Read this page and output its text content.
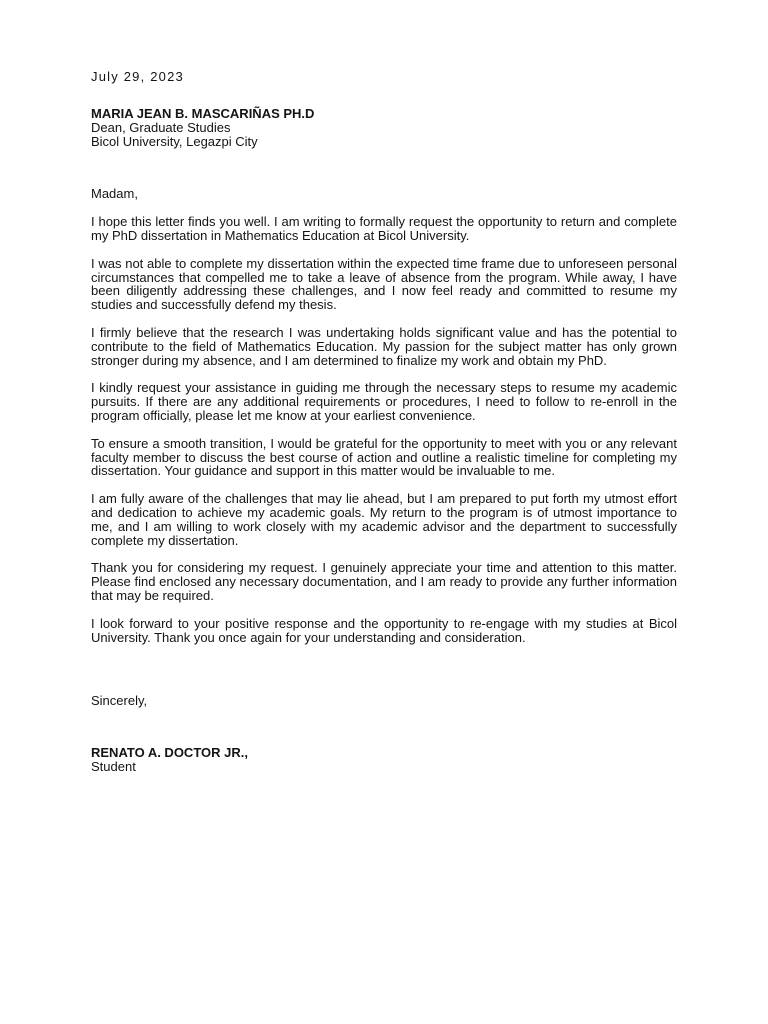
July 29, 2023

MARIA JEAN B. MASCARIÑAS PH.D
Dean, Graduate Studies
Bicol University, Legazpi City
Madam,

I hope this letter finds you well. I am writing to formally request the opportunity to return and complete my PhD dissertation in Mathematics Education at Bicol University.

I was not able to complete my dissertation within the expected time frame due to unforeseen personal circumstances that compelled me to take a leave of absence from the program. While away, I have been diligently addressing these challenges, and I now feel ready and committed to resume my studies and successfully defend my thesis.

I firmly believe that the research I was undertaking holds significant value and has the potential to contribute to the field of Mathematics Education. My passion for the subject matter has only grown stronger during my absence, and I am determined to finalize my work and obtain my PhD.

I kindly request your assistance in guiding me through the necessary steps to resume my academic pursuits. If there are any additional requirements or procedures, I need to follow to re-enroll in the program officially, please let me know at your earliest convenience.

To ensure a smooth transition, I would be grateful for the opportunity to meet with you or any relevant faculty member to discuss the best course of action and outline a realistic timeline for completing my dissertation. Your guidance and support in this matter would be invaluable to me.

I am fully aware of the challenges that may lie ahead, but I am prepared to put forth my utmost effort and dedication to achieve my academic goals. My return to the program is of utmost importance to me, and I am willing to work closely with my academic advisor and the department to successfully complete my dissertation.

Thank you for considering my request. I genuinely appreciate your time and attention to this matter. Please find enclosed any necessary documentation, and I am ready to provide any further information that may be required.

I look forward to your positive response and the opportunity to re-engage with my studies at Bicol University. Thank you once again for your understanding and consideration.

Sincerely,
RENATO A. DOCTOR JR.,
Student
